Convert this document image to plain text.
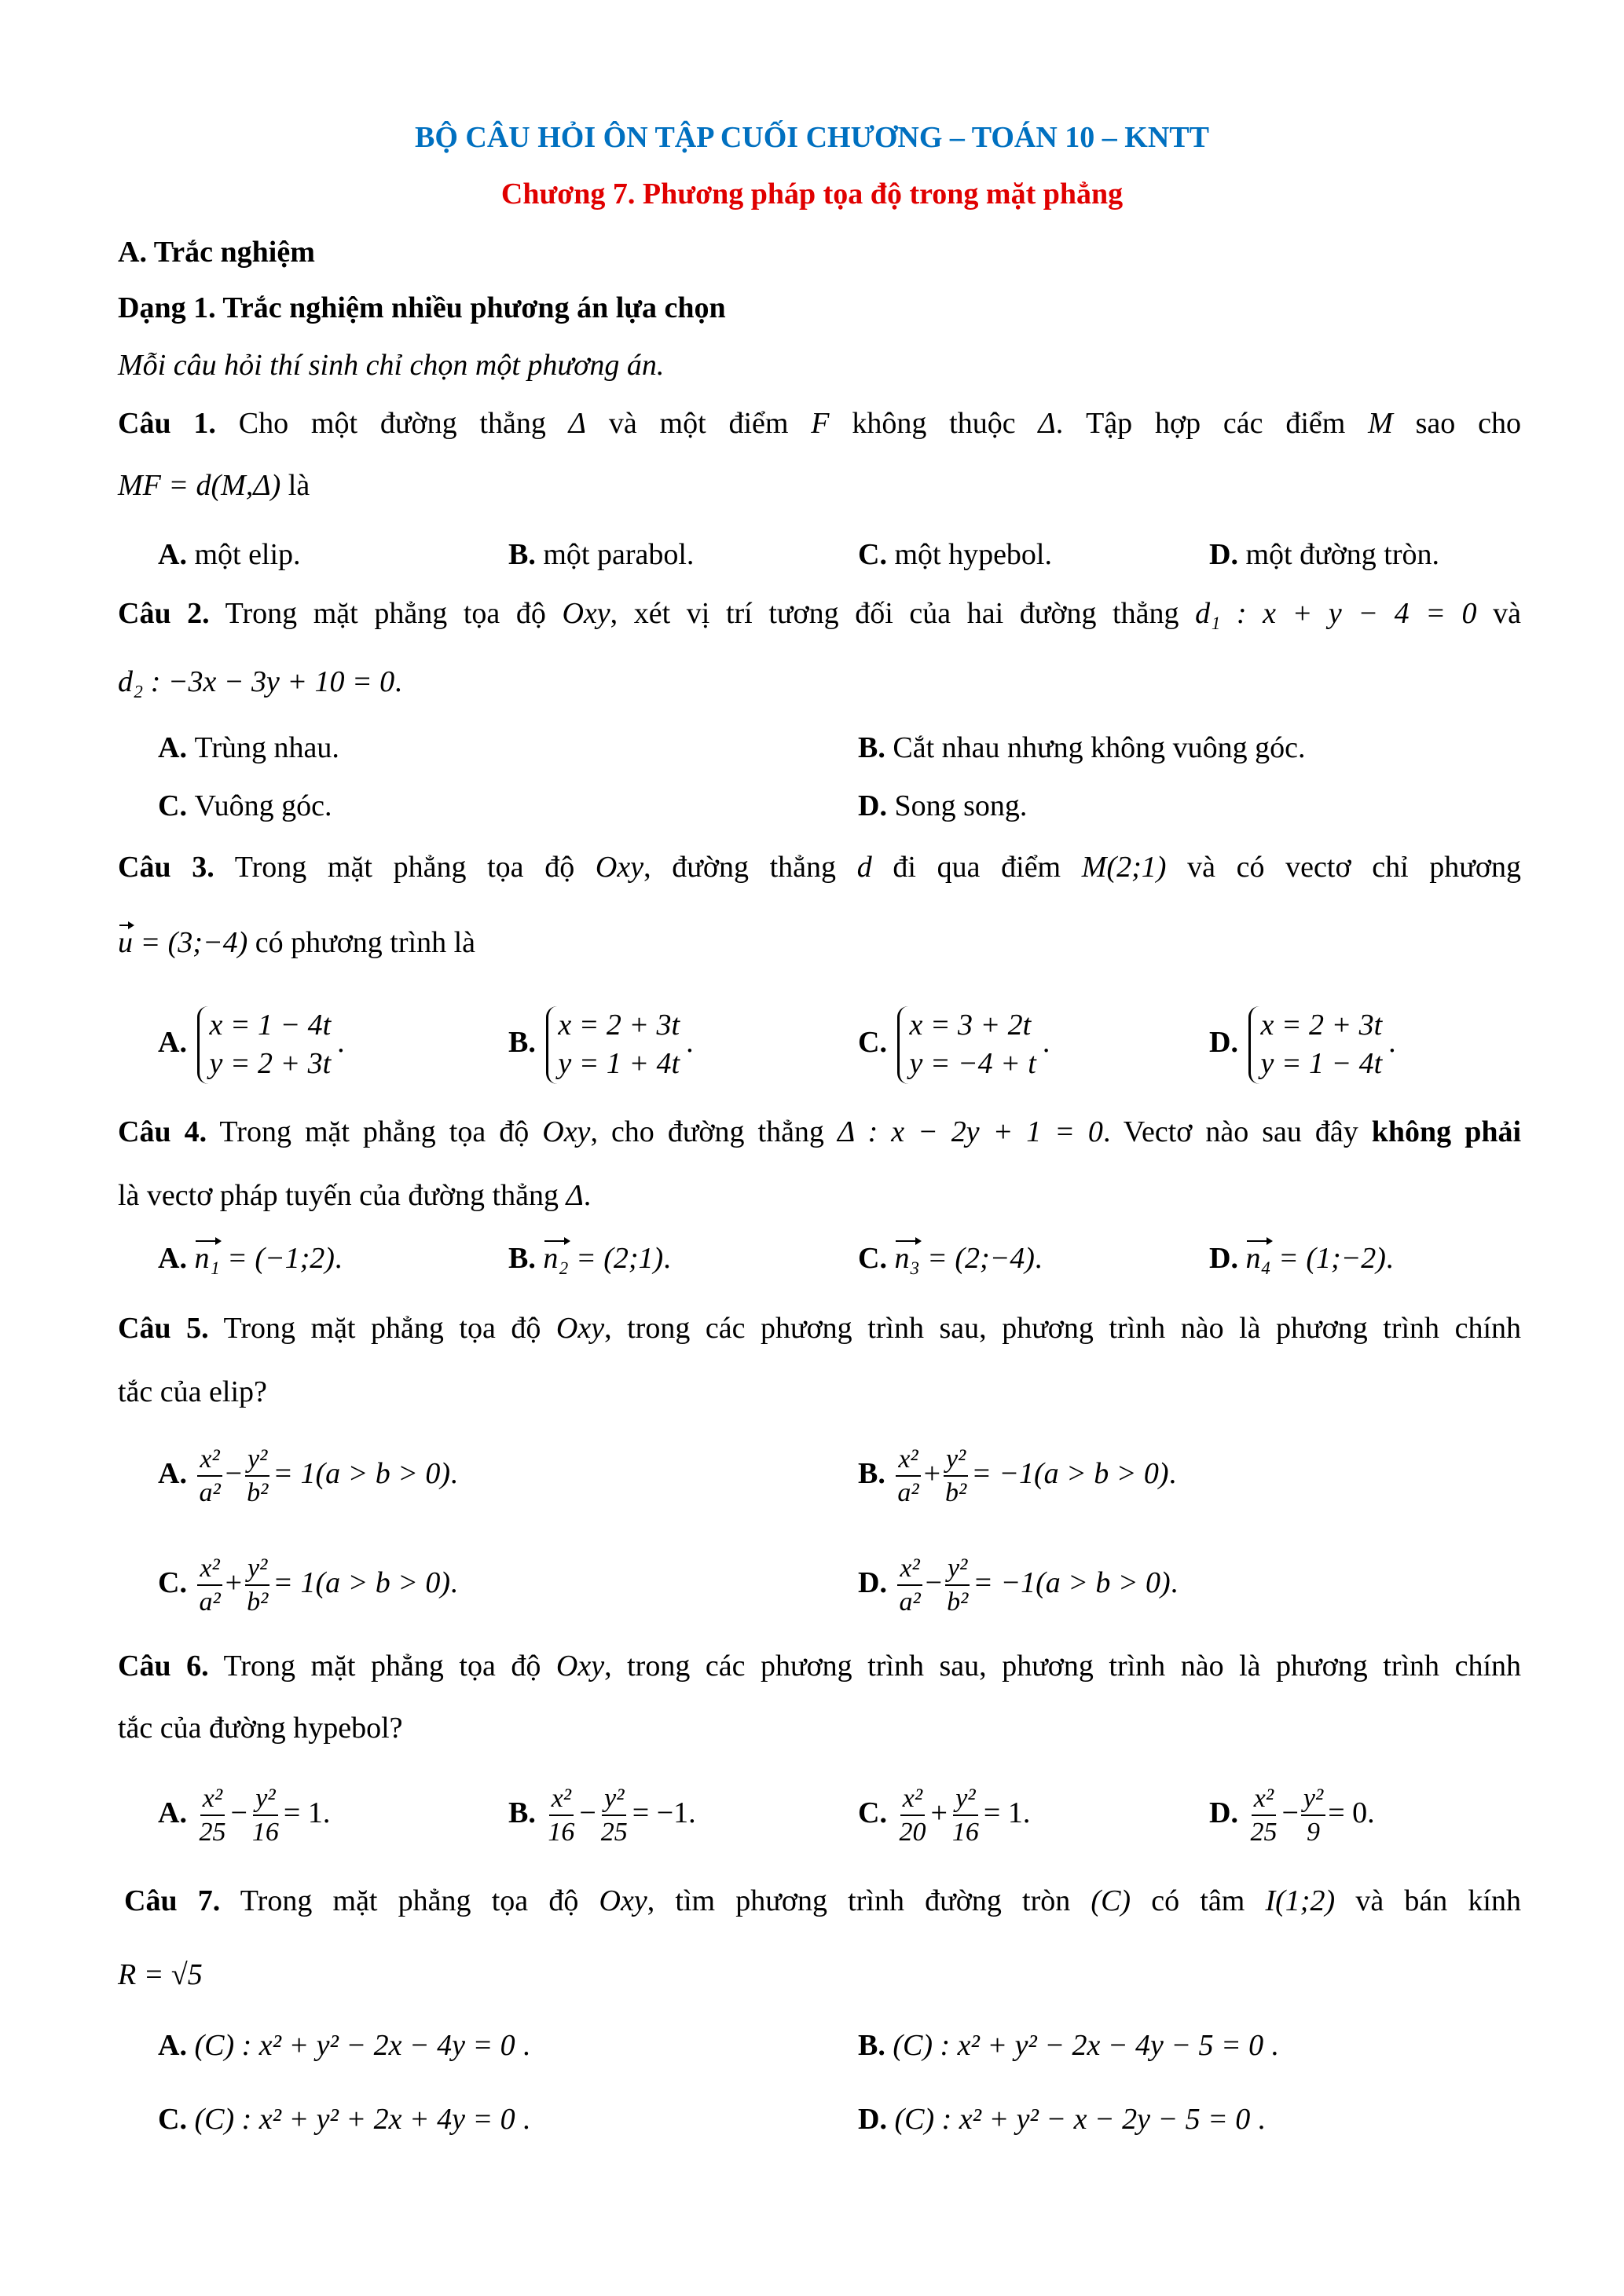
BỘ CÂU HỎI ÔN TẬP CUỐI CHƯƠNG – TOÁN 10 – KNTT
Chương 7. Phương pháp tọa độ trong mặt phẳng
A. Trắc nghiệm
Dạng 1. Trắc nghiệm nhiều phương án lựa chọn
Mỗi câu hỏi thí sinh chỉ chọn một phương án.
Câu 1. Cho một đường thẳng Δ và một điểm F không thuộc Δ. Tập hợp các điểm M sao cho
MF = d(M,Δ) là
A. một elip.	B. một parabol.	C. một hypebol.	D. một đường tròn.
Câu 2. Trong mặt phẳng tọa độ Oxy, xét vị trí tương đối của hai đường thẳng d₁ : x + y − 4 = 0 và
d₂ : −3x − 3y + 10 = 0.
A. Trùng nhau.	B. Cắt nhau nhưng không vuông góc.
C. Vuông góc.	D. Song song.
Câu 3. Trong mặt phẳng tọa độ Oxy, đường thẳng d đi qua điểm M(2;1) và có vectơ chỉ phương
u = (3;−4) có phương trình là
A.
x = 1 − 4t
y = 2 + 3t
.	B.
x = 2 + 3t
y = 1 + 4t
.	C.
x = 3 + 2t
y = −4 + t
.	D.
x = 2 + 3t
y = 1 − 4t
.
Câu 4. Trong mặt phẳng tọa độ Oxy, cho đường thẳng Δ : x − 2y + 1 = 0. Vectơ nào sau đây không phải
là vectơ pháp tuyến của đường thẳng Δ.
A. n₁ = (−1;2).	B. n₂ = (2;1).	C. n₃ = (2;−4).	D. n₄ = (1;−2).
Câu 5. Trong mặt phẳng tọa độ Oxy, trong các phương trình sau, phương trình nào là phương trình chính
tắc của elip?
A. $\frac{\text{x²}}{\text{a²}} - \frac{\text{y²}}{\text{b²}} = 1(a > b > 0)$.	B. $\frac{\text{x²}}{\text{a²}} + \frac{\text{y²}}{\text{b²}} = -1(a > b > 0)$.
C. $\frac{\text{x²}}{\text{a²}} + \frac{\text{y²}}{\text{b²}} = 1(a > b > 0)$.	D. $\frac{\text{x²}}{\text{a²}} - \frac{\text{y²}}{\text{b²}} = -1(a > b > 0)$.
Câu 6. Trong mặt phẳng tọa độ Oxy, trong các phương trình sau, phương trình nào là phương trình chính
tắc của đường hypebol?
A. $\frac{\text{x²}}{25} - \frac{\text{y²}}{16} = 1$.	B. $\frac{\text{x²}}{16} - \frac{\text{y²}}{25} = -1$.	C. $\frac{\text{x²}}{20} + \frac{\text{y²}}{16} = 1$.	D. $\frac{\text{x²}}{25} - \frac{\text{y²}}{9} = 0$.
Câu 7. Trong mặt phẳng tọa độ Oxy, tìm phương trình đường tròn (C) có tâm I(1;2) và bán kính
R = √5
A. (C) : x² + y² − 2x − 4y = 0 .	B. (C) : x² + y² − 2x − 4y − 5 = 0 .
C. (C) : x² + y² + 2x + 4y = 0 .	D. (C) : x² + y² − x − 2y − 5 = 0 .
